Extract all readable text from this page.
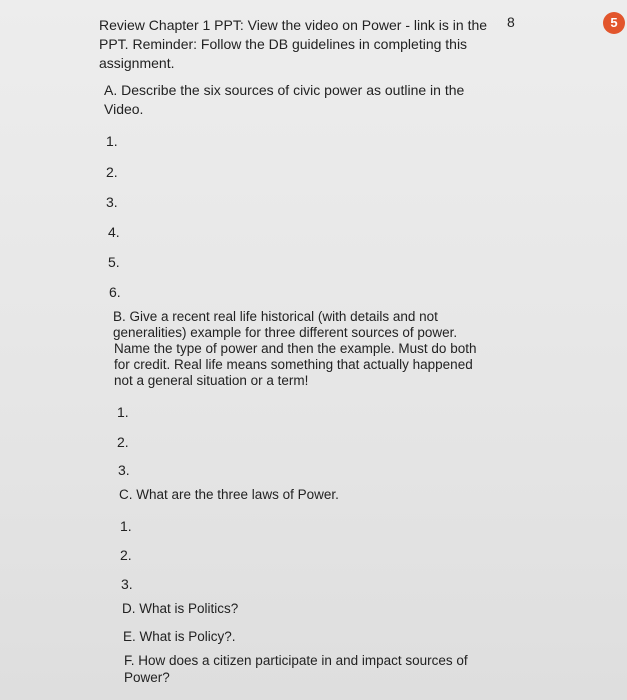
Review Chapter 1 PPT: View the video on Power - link is in the
PPT. Reminder: Follow the DB guidelines in completing this
assignment.
8	5
A. Describe the six sources of civic power as outline in the
Video.
1.
2.
3.
4.
5.
6.
B. Give a recent real life historical (with details and not
generalities) example for three different sources of power.
Name the type of power and then the example. Must do both
for credit. Real life means something that actually happened
not a general situation or a term!
1.
2.
3.
C. What are the three laws of Power.
1.
2.
3.
D. What is Politics?
E. What is Policy?.
F. How does a citizen participate in and impact sources of
Power?
